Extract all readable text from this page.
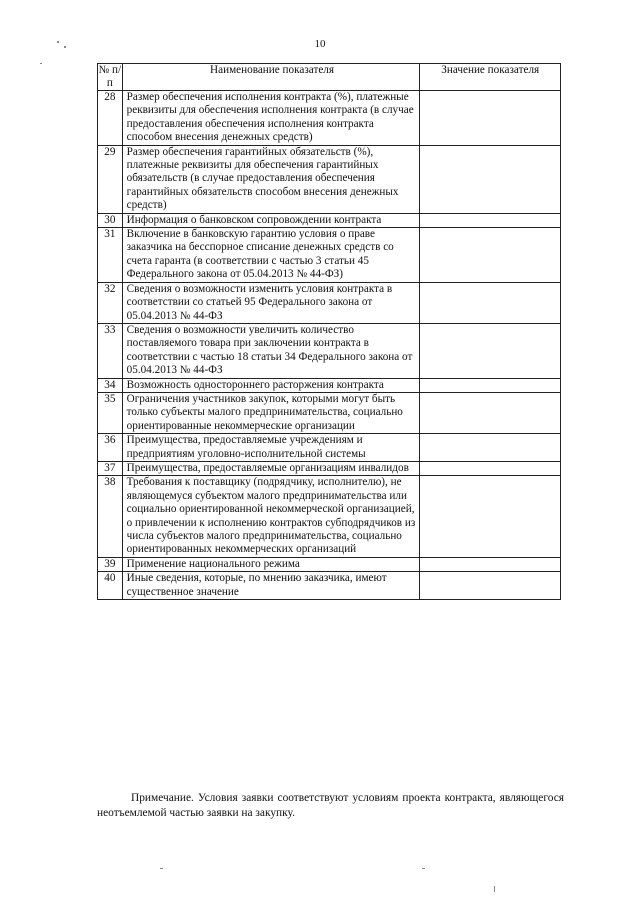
10
№ п/п	Наименование показателя	Значение показателя
28	Размер обеспечения исполнения контракта (%), платежные реквизиты для обеспечения исполнения контракта (в случае предоставления обеспечения исполнения контракта способом внесения денежных средств)	
29	Размер обеспечения гарантийных обязательств (%), платежные реквизиты для обеспечения гарантийных обязательств (в случае предоставления обеспечения гарантийных обязательств способом внесения денежных средств)	
30	Информация о банковском сопровождении контракта	
31	Включение в банковскую гарантию условия о праве заказчика на бесспорное списание денежных средств со счета гаранта (в соответствии с частью 3 статьи 45 Федерального закона от 05.04.2013 № 44-ФЗ)	
32	Сведения о возможности изменить условия контракта в соответствии со статьей 95 Федерального закона от 05.04.2013 № 44-ФЗ	
33	Сведения о возможности увеличить количество поставляемого товара при заключении контракта в соответствии с частью 18 статьи 34 Федерального закона от 05.04.2013 № 44-ФЗ	
34	Возможность одностороннего расторжения контракта	
35	Ограничения участников закупок, которыми могут быть только субъекты малого предпринимательства, социально ориентированные некоммерческие организации	
36	Преимущества, предоставляемые учреждениям и предприятиям уголовно-исполнительной системы	
37	Преимущества, предоставляемые организациям инвалидов	
38	Требования к поставщику (подрядчику, исполнителю), не являющемуся субъектом малого предпринимательства или социально ориентированной некоммерческой организацией, о привлечении к исполнению контрактов субподрядчиков из числа субъектов малого предпринимательства, социально ориентированных некоммерческих организаций	
39	Применение национального режима	
40	Иные сведения, которые, по мнению заказчика, имеют существенное значение	
Примечание. Условия заявки соответствуют условиям проекта контракта, являющегося неотъемлемой частью заявки на закупку.
